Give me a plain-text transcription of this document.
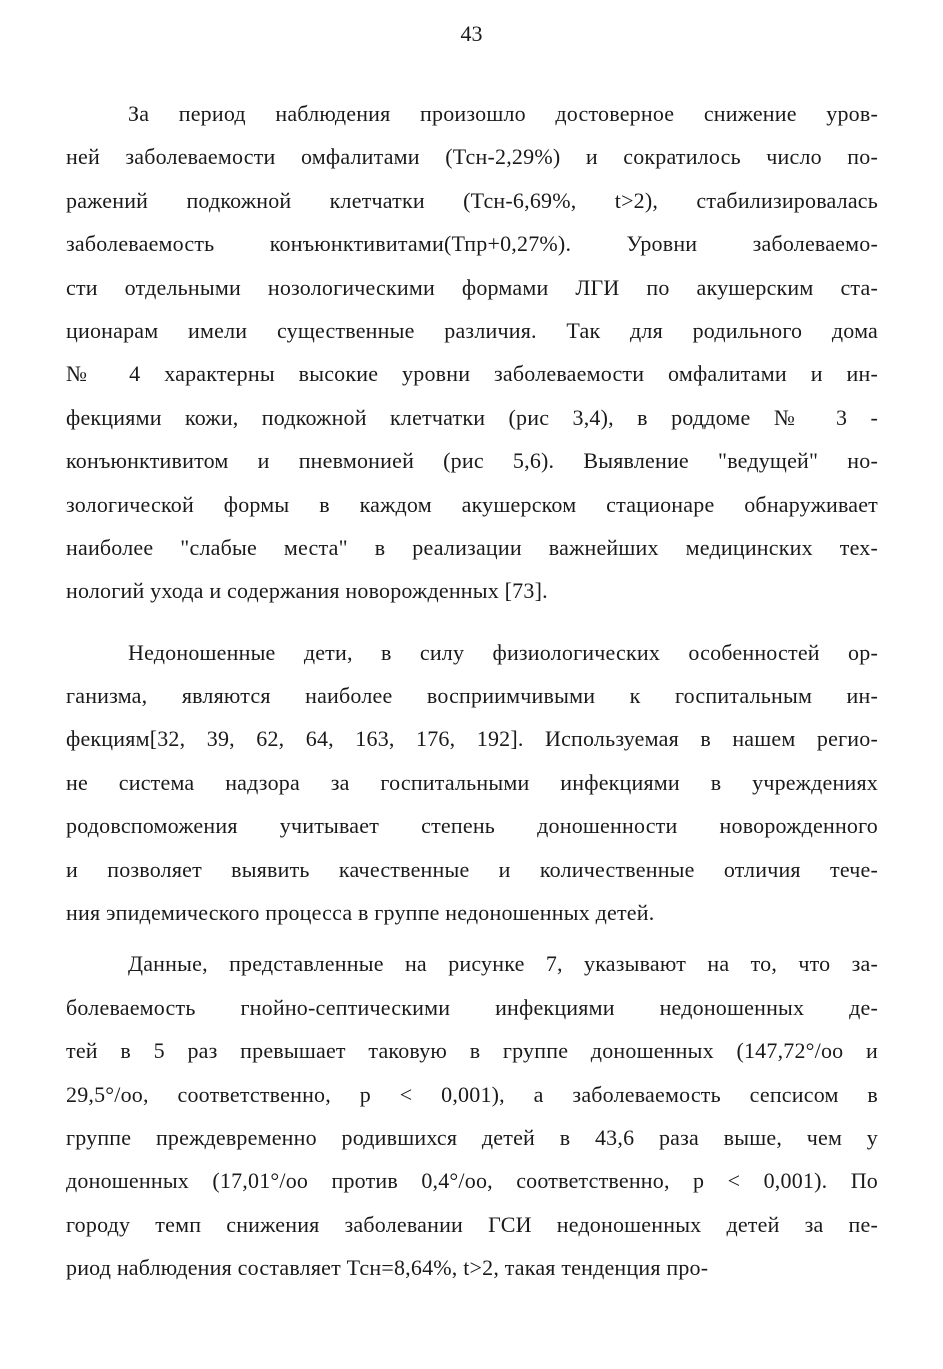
43
За период наблюдения произошло достоверное снижение уров-
ней заболеваемости омфалитами (Тсн-2,29%) и сократилось число по-
ражений подкожной клетчатки (Тсн-6,69%, t>2), стабилизировалась
заболеваемость конъюнктивитами(Тпр+0,27%). Уровни заболеваемо-
сти отдельными нозологическими формами ЛГИ по акушерским ста-
ционарам имели существенные различия. Так для родильного дома
№ 4 характерны высокие уровни заболеваемости омфалитами и ин-
фекциями кожи, подкожной клетчатки (рис 3,4), в роддоме № 3 -
конъюнктивитом и пневмонией (рис 5,6). Выявление "ведущей" но-
зологической формы в каждом акушерском стационаре обнаруживает
наиболее "слабые места" в реализации важнейших медицинских тех-
нологий ухода и содержания новорожденных [73].
Недоношенные дети, в силу физиологических особенностей ор-
ганизма, являются наиболее восприимчивыми к госпитальным ин-
фекциям[32, 39, 62, 64, 163, 176, 192]. Используемая в нашем регио-
не система надзора за госпитальными инфекциями в учреждениях
родовспоможения учитывает степень доношенности новорожденного
и позволяет выявить качественные и количественные отличия тече-
ния эпидемического процесса в группе недоношенных детей.
Данные, представленные на рисунке 7, указывают на то, что за-
болеваемость гнойно-септическими инфекциями недоношенных де-
тей в 5 раз превышает таковую в группе доношенных (147,72°/оо и
29,5°/оо, соответственно, р < 0,001), а заболеваемость сепсисом в
группе преждевременно родившихся детей в 43,6 раза выше, чем у
доношенных (17,01°/оо против 0,4°/оо, соответственно, р < 0,001). По
городу темп снижения заболевании ГСИ недоношенных детей за пе-
риод наблюдения составляет Тсн=8,64%, t>2, такая тенденция про-
